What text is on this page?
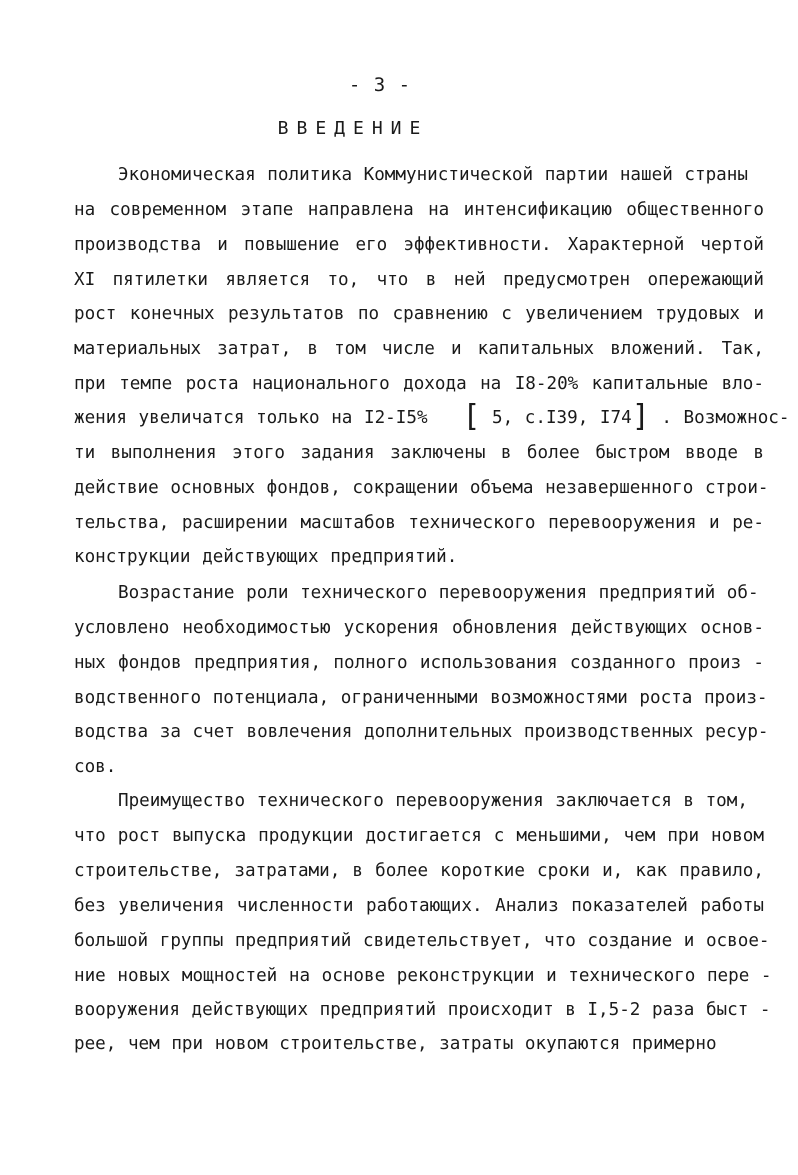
- 3 -
ВВЕДЕНИЕ
Экономическая политика Коммунистической партии нашей страны
на современном этапе направлена на интенсификацию общественного
производства и повышение его эффективности. Характерной чертой
XI пятилетки является то, что в ней предусмотрен опережающий
рост конечных результатов по сравнению с увеличением трудовых и
материальных затрат, в том числе и капитальных вложений. Так,
при темпе роста национального дохода на I8-20% капитальные вло-
жения увеличатся только на I2-I5% [ 5, с.I39, I74] . Возможнос-
ти выполнения этого задания заключены в более быстром вводе в
действие основных фондов, сокращении объема незавершенного строи-
тельства, расширении масштабов технического перевооружения и ре-
конструкции действующих предприятий.
Возрастание роли технического перевооружения предприятий об-
условлено необходимостью ускорения обновления действующих основ-
ных фондов предприятия, полного использования созданного произ -
водственного потенциала, ограниченными возможностями роста произ-
водства за счет вовлечения дополнительных производственных ресур-
сов.
Преимущество технического перевооружения заключается в том,
что рост выпуска продукции достигается с меньшими, чем при новом
строительстве, затратами, в более короткие сроки и, как правило,
без увеличения численности работающих. Анализ показателей работы
большой группы предприятий свидетельствует, что создание и освое-
ние новых мощностей на основе реконструкции и технического пере -
вооружения действующих предприятий происходит в I,5-2 раза быст -
рее, чем при новом строительстве, затраты окупаются примерно
